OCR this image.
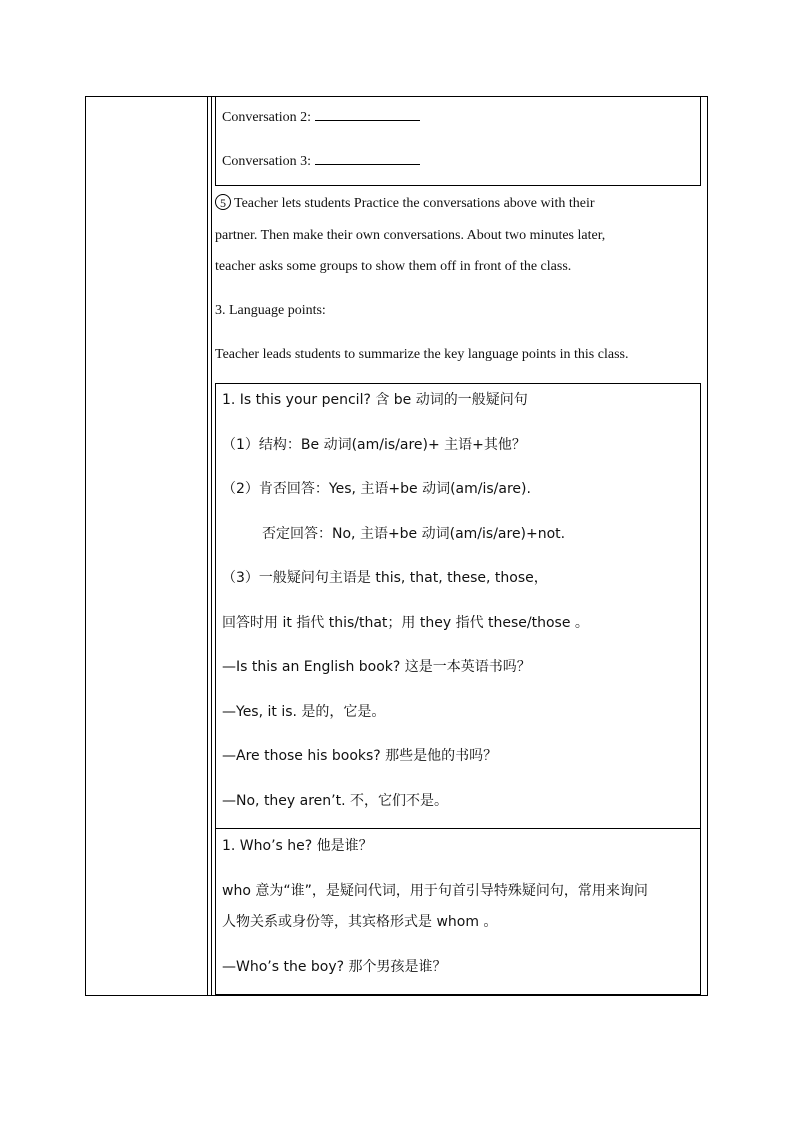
Conversation 2:
Conversation 3:
5 Teacher lets students Practice the conversations above with their
partner. Then make their own conversations. About two minutes later,
teacher asks some groups to show them off in front of the class.
3. Language points:
Teacher leads students to summarize the key language points in this class.
1. Is this your pencil? 含 be 动词的一般疑问句
（1）结构：Be 动词(am/is/are)+ 主语+其他？
（2）肯否回答：Yes, 主语+be 动词(am/is/are).
否定回答：No, 主语+be 动词(am/is/are)+not.
（3）一般疑问句主语是 this, that, these, those，
回答时用 it 指代 this/that；用 they 指代 these/those 。
—Is this an English book? 这是一本英语书吗？
—Yes, it is. 是的，它是。
—Are those his books? 那些是他的书吗？
—No, they aren’t. 不，它们不是。
1. Who’s he? 他是谁？
who 意为“谁”，是疑问代词，用于句首引导特殊疑问句，常用来询问
人物关系或身份等，其宾格形式是 whom 。
—Who’s the boy? 那个男孩是谁？
